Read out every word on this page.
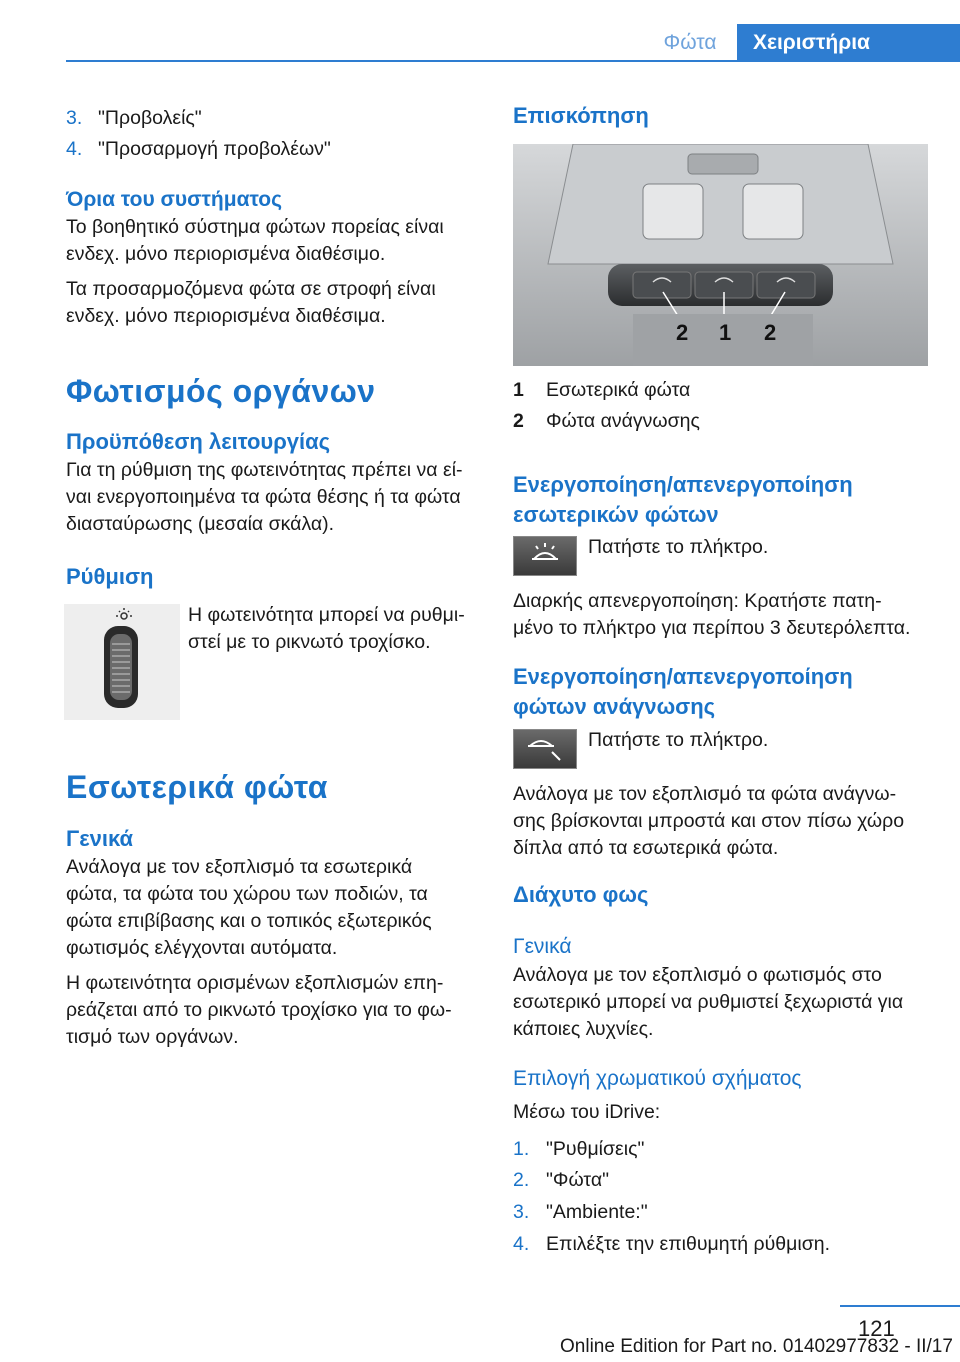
Φώτα	Χειριστήρια
3. "Προβολείς"
4. "Προσαρμογή προβολέων"

Όρια του συστήματος

Το βοηθητικό σύστημα φώτων πορείας είναι

ενδεχ. μόνο περιορισμένα διαθέσιμο.

Τα προσαρμοζόμενα φώτα σε στροφή είναι

ενδεχ. μόνο περιορισμένα διαθέσιμα.

Φωτισμός οργάνων

Προϋπόθεση λειτουργίας

Για τη ρύθμιση της φωτεινότητας πρέπει να εί‐

ναι ενεργοποιημένα τα φώτα θέσης ή τα φώτα

διασταύρωσης (μεσαία σκάλα).

Ρύθμιση

Η φωτεινότητα μπορεί να ρυθμι‐

στεί με το ρικνωτό τροχίσκο.

Εσωτερικά φώτα

Γενικά

Ανάλογα με τον εξοπλισμό τα εσωτερικά

φώτα, τα φώτα του χώρου των ποδιών, τα

φώτα επιβίβασης και ο τοπικός εξωτερικός

φωτισμός ελέγχονται αυτόματα.

Η φωτεινότητα ορισμένων εξοπλισμών επη‐

ρεάζεται από το ρικνωτό τροχίσκο για το φω‐

τισμό των οργάνων.

Επισκόπηση

2 1 2
1 Εσωτερικά φώτα
2 Φώτα ανάγνωσης

Ενεργοποίηση/απενεργοποίηση

εσωτερικών φώτων

Πατήστε το πλήκτρο.

Διαρκής απενεργοποίηση: Κρατήστε πατη‐

μένο το πλήκτρο για περίπου 3 δευτερόλεπτα.

Ενεργοποίηση/απενεργοποίηση

φώτων ανάγνωσης

Πατήστε το πλήκτρο.

Ανάλογα με τον εξοπλισμό τα φώτα ανάγνω‐

σης βρίσκονται μπροστά και στον πίσω χώρο

δίπλα από τα εσωτερικά φώτα.

Διάχυτο φως

Γενικά

Ανάλογα με τον εξοπλισμό ο φωτισμός στο

εσωτερικό μπορεί να ρυθμιστεί ξεχωριστά για

κάποιες λυχνίες.

Επιλογή χρωματικού σχήματος

Μέσω του iDrive:

1. "Ρυθμίσεις"
2. "Φώτα"
3. "Ambiente:"
4. Επιλέξτε την επιθυμητή ρύθμιση.
121
Online Edition for Part no. 01402977832 - II/17
